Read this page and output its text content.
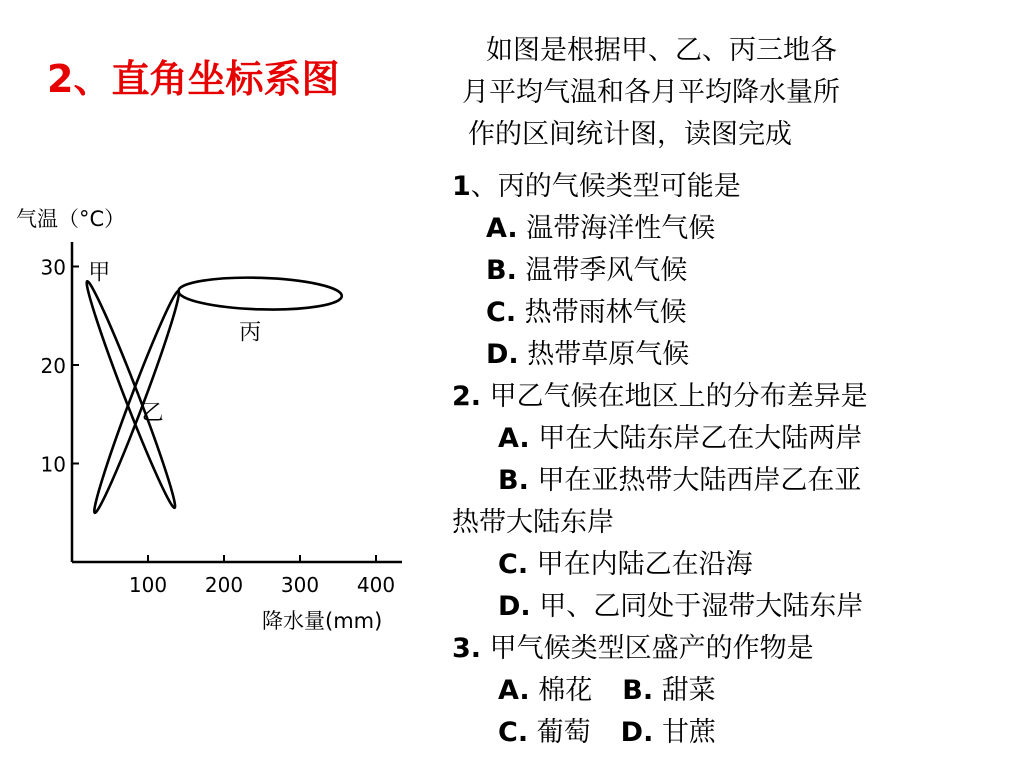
2、直角坐标系图
如图是根据甲、乙、丙三地各
月平均气温和各月平均降水量所
作的区间统计图，读图完成
1、丙的气候类型可能是
A. 温带海洋性气候
B. 温带季风气候
C. 热带雨林气候
D. 热带草原气候
2. 甲乙气候在地区上的分布差异是
A. 甲在大陆东岸乙在大陆两岸
B. 甲在亚热带大陆西岸乙在亚
热带大陆东岸
C. 甲在内陆乙在沿海
D. 甲、乙同处于湿带大陆东岸
3. 甲气候类型区盛产的作物是
A. 棉花 B. 甜菜
C. 葡萄 D. 甘蔗
气温（°C）
降水量(mm)
10
20
30
100 200 300 400
甲
乙
丙
